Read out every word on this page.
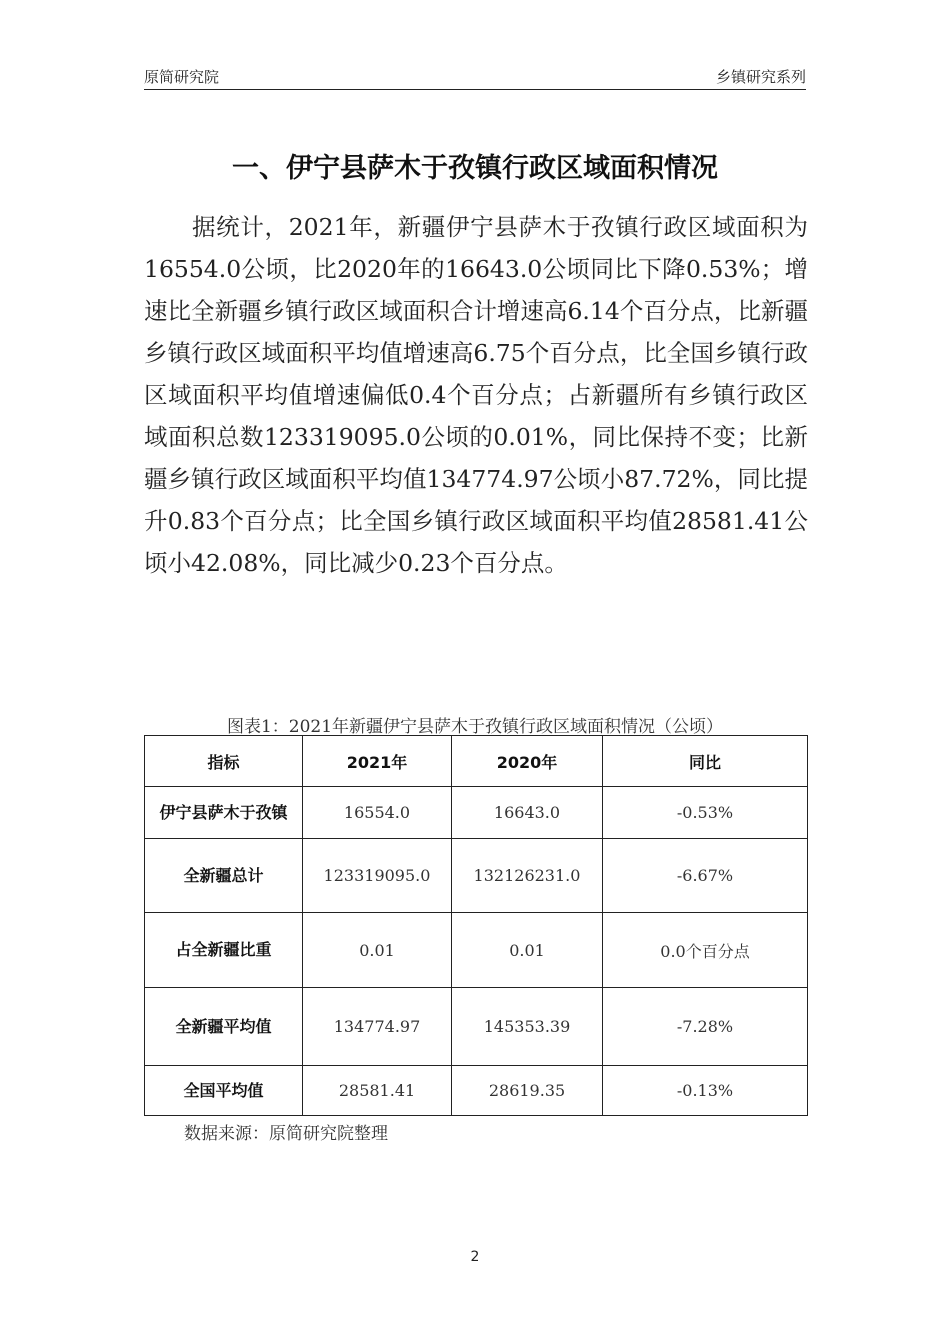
原简研究院	乡镇研究系列
一、伊宁县萨木于孜镇行政区域面积情况

据统计，2021年，新疆伊宁县萨木于孜镇行政区域面积为16554.0公顷，比2020年的16643.0公顷同比下降0.53%；增速比全新疆乡镇行政区域面积合计增速高6.14个百分点，比新疆乡镇行政区域面积平均值增速高6.75个百分点，比全国乡镇行政区域面积平均值增速偏低0.4个百分点；占新疆所有乡镇行政区域面积总数123319095.0公顷的0.01%，同比保持不变；比新疆乡镇行政区域面积平均值134774.97公顷小87.72%，同比提升0.83个百分点；比全国乡镇行政区域面积平均值28581.41公顷小42.08%，同比减少0.23个百分点。

图表1：2021年新疆伊宁县萨木于孜镇行政区域面积情况（公顷）
指标	2021年	2020年	同比
伊宁县萨木于孜镇	16554.0	16643.0	-0.53%
全新疆总计	123319095.0	132126231.0	-6.67%
占全新疆比重	0.01	0.01	0.0个百分点
全新疆平均值	134774.97	145353.39	-7.28%
全国平均值	28581.41	28619.35	-0.13%
数据来源：原简研究院整理
2
